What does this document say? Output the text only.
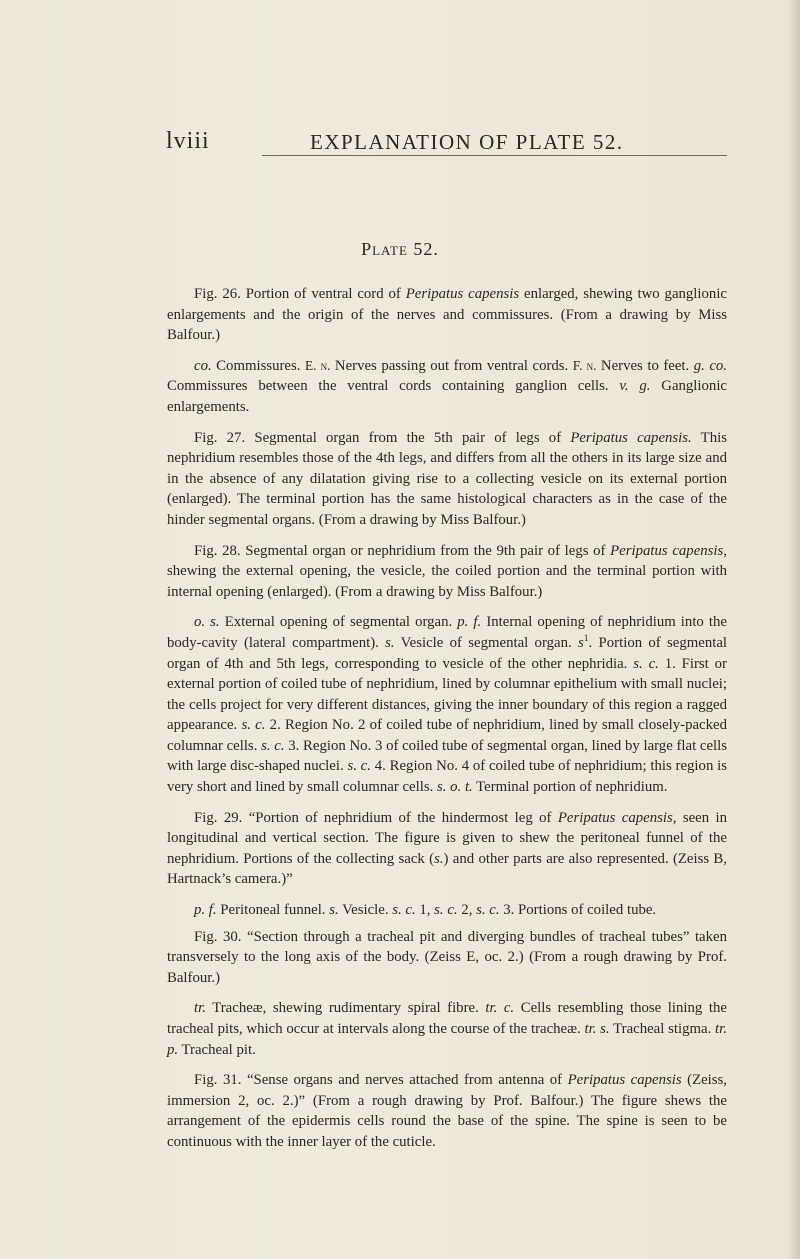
lviii	EXPLANATION OF PLATE 52.
Plate 52.

Fig. 26. Portion of ventral cord of Peripatus capensis enlarged, shewing two ganglionic enlargements and the origin of the nerves and commissures. (From a drawing by Miss Balfour.)

co. Commissures. E. n. Nerves passing out from ventral cords. F. n. Nerves to feet. g. co. Commissures between the ventral cords containing ganglion cells. v. g. Ganglionic enlargements.

Fig. 27. Segmental organ from the 5th pair of legs of Peripatus capensis. This nephridium resembles those of the 4th legs, and differs from all the others in its large size and in the absence of any dilatation giving rise to a collecting vesicle on its external portion (enlarged). The terminal portion has the same histological characters as in the case of the hinder segmental organs. (From a drawing by Miss Balfour.)

Fig. 28. Segmental organ or nephridium from the 9th pair of legs of Peripatus capensis, shewing the external opening, the vesicle, the coiled portion and the terminal portion with internal opening (enlarged). (From a drawing by Miss Balfour.)

o. s. External opening of segmental organ. p. f. Internal opening of nephridium into the body-cavity (lateral compartment). s. Vesicle of segmental organ. $s^1$. Portion of segmental organ of 4th and 5th legs, corresponding to vesicle of the other nephridia. s. c. 1. First or external portion of coiled tube of nephridium, lined by columnar epithelium with small nuclei; the cells project for very different distances, giving the inner boundary of this region a ragged appearance. s. c. 2. Region No. 2 of coiled tube of nephridium, lined by small closely-packed columnar cells. s. c. 3. Region No. 3 of coiled tube of segmental organ, lined by large flat cells with large disc-shaped nuclei. s. c. 4. Region No. 4 of coiled tube of nephridium; this region is very short and lined by small columnar cells. s. o. t. Terminal portion of nephridium.

Fig. 29. “Portion of nephridium of the hindermost leg of Peripatus capensis, seen in longitudinal and vertical section. The figure is given to shew the peritoneal funnel of the nephridium. Portions of the collecting sack (s.) and other parts are also represented. (Zeiss B, Hartnack’s camera.)”

p. f. Peritoneal funnel. s. Vesicle. s. c. 1, s. c. 2, s. c. 3. Portions of coiled tube.

Fig. 30. “Section through a tracheal pit and diverging bundles of tracheal tubes” taken transversely to the long axis of the body. (Zeiss E, oc. 2.) (From a rough drawing by Prof. Balfour.)

tr. Tracheæ, shewing rudimentary spiral fibre. tr. c. Cells resembling those lining the tracheal pits, which occur at intervals along the course of the tracheæ. tr. s. Tracheal stigma. tr. p. Tracheal pit.

Fig. 31. “Sense organs and nerves attached from antenna of Peripatus capensis (Zeiss, immersion 2, oc. 2.)” (From a rough drawing by Prof. Balfour.) The figure shews the arrangement of the epidermis cells round the base of the spine. The spine is seen to be continuous with the inner layer of the cuticle.
